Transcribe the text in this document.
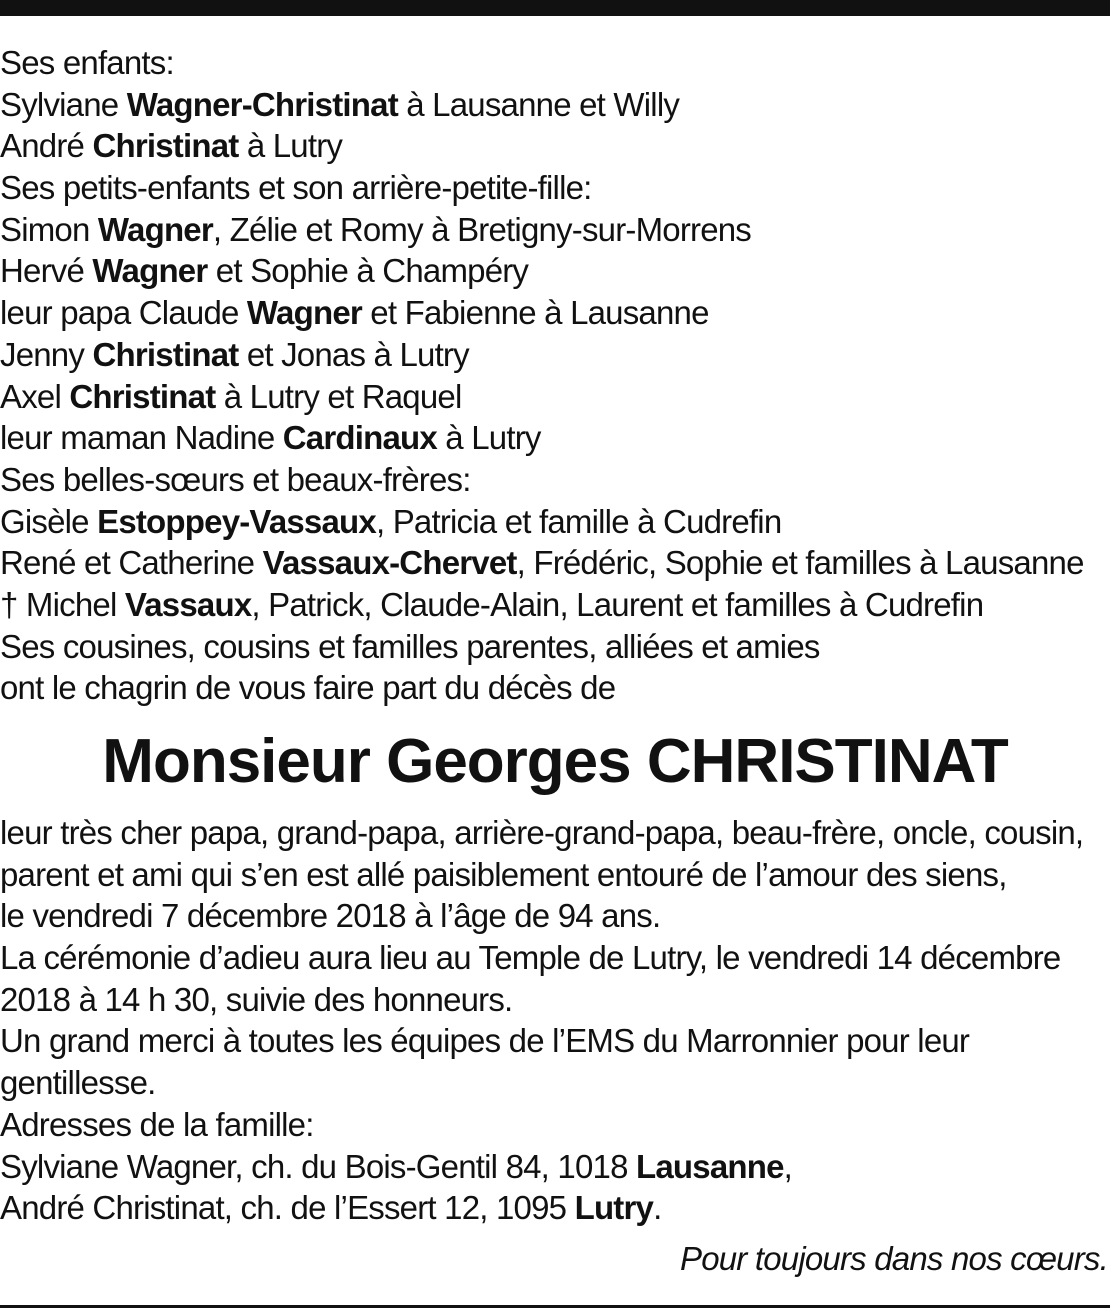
Ses enfants:
Sylviane Wagner-Christinat à Lausanne et Willy
André Christinat à Lutry
Ses petits-enfants et son arrière-petite-fille:
Simon Wagner, Zélie et Romy à Bretigny-sur-Morrens
Hervé Wagner et Sophie à Champéry
leur papa Claude Wagner et Fabienne à Lausanne
Jenny Christinat et Jonas à Lutry
Axel Christinat à Lutry et Raquel
leur maman Nadine Cardinaux à Lutry
Ses belles-sœurs et beaux-frères:
Gisèle Estoppey-Vassaux, Patricia et famille à Cudrefin
René et Catherine Vassaux-Chervet, Frédéric, Sophie et familles à Lausanne
† Michel Vassaux, Patrick, Claude-Alain, Laurent et familles à Cudrefin
Ses cousines, cousins et familles parentes, alliées et amies
ont le chagrin de vous faire part du décès de
Monsieur Georges CHRISTINAT
leur très cher papa, grand-papa, arrière-grand-papa, beau-frère, oncle, cousin,
parent et ami qui s’en est allé paisiblement entouré de l’amour des siens,
le vendredi 7 décembre 2018 à l’âge de 94 ans.
La cérémonie d’adieu aura lieu au Temple de Lutry, le vendredi 14 décembre
2018 à 14 h 30, suivie des honneurs.
Un grand merci à toutes les équipes de l’EMS du Marronnier pour leur
gentillesse.
Adresses de la famille:
Sylviane Wagner, ch. du Bois-Gentil 84, 1018 Lausanne,
André Christinat, ch. de l’Essert 12, 1095 Lutry.
Pour toujours dans nos cœurs.
